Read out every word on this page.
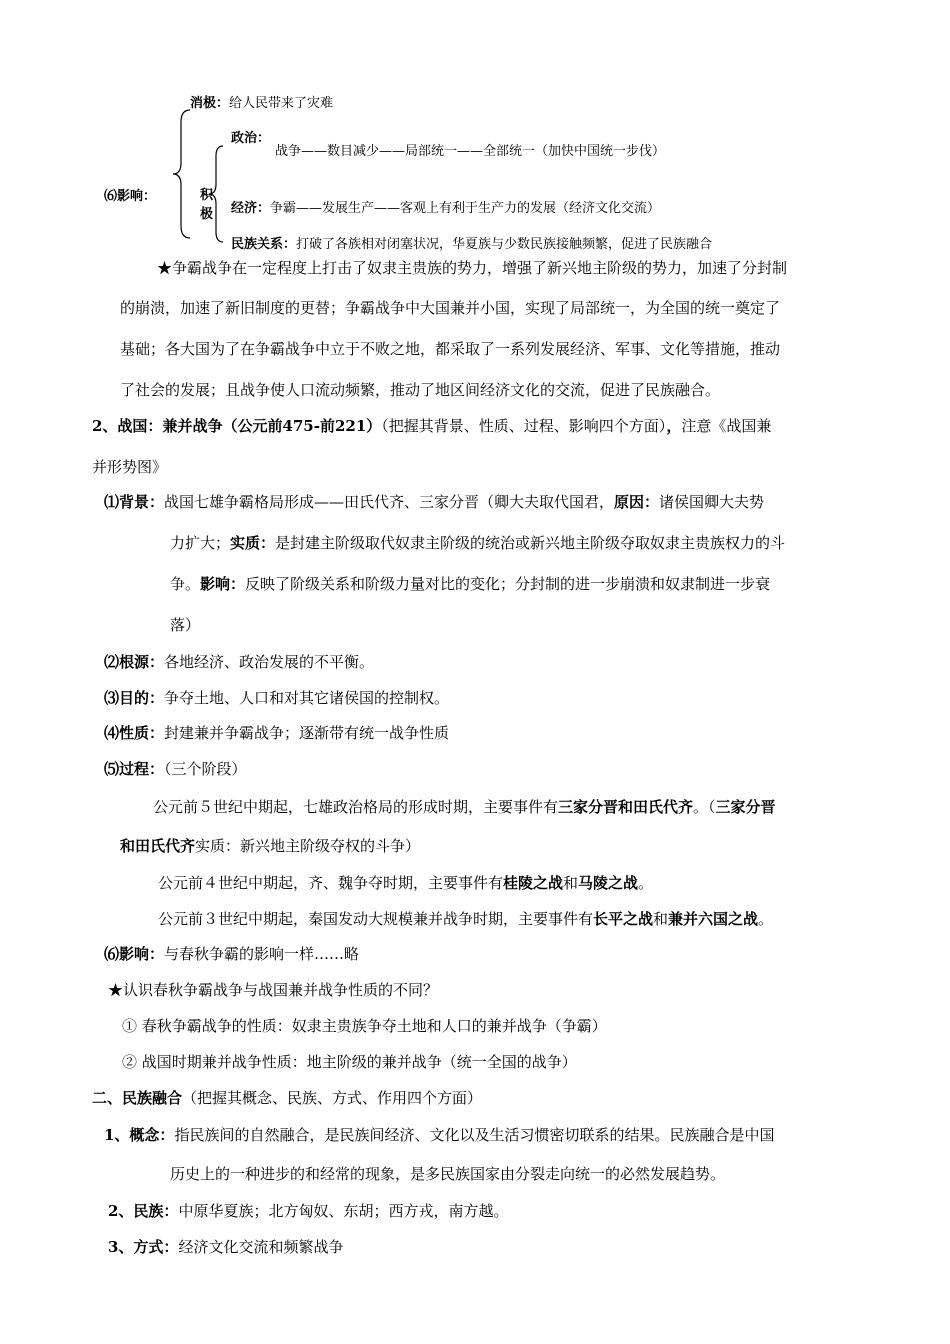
消极：给人民带来了灾难
⑹影响：	积极
政治：
战争——数目减少——局部统一——全部统一（加快中国统一步伐）
经济：争霸——发展生产——客观上有利于生产力的发展（经济文化交流）
民族关系：打破了各族相对闭塞状况，华夏族与少数民族接触频繁，促进了民族融合
★争霸战争在一定程度上打击了奴隶主贵族的势力，增强了新兴地主阶级的势力，加速了分封制
的崩溃，加速了新旧制度的更替；争霸战争中大国兼并小国，实现了局部统一，为全国的统一奠定了
基础；各大国为了在争霸战争中立于不败之地，都采取了一系列发展经济、军事、文化等措施，推动
了社会的发展；且战争使人口流动频繁，推动了地区间经济文化的交流，促进了民族融合。
2、战国：兼并战争（公元前475-前221）（把握其背景、性质、过程、影响四个方面），注意《战国兼
并形势图》
⑴背景：战国七雄争霸格局形成——田氏代齐、三家分晋（卿大夫取代国君，原因：诸侯国卿大夫势
力扩大；实质：是封建主阶级取代奴隶主阶级的统治或新兴地主阶级夺取奴隶主贵族权力的斗
争。影响：反映了阶级关系和阶级力量对比的变化；分封制的进一步崩溃和奴隶制进一步衰
落）
⑵根源：各地经济、政治发展的不平衡。
⑶目的：争夺土地、人口和对其它诸侯国的控制权。
⑷性质：封建兼并争霸战争；逐渐带有统一战争性质
⑸过程：（三个阶段）
公元前５世纪中期起，七雄政治格局的形成时期，主要事件有三家分晋和田氏代齐。（三家分晋
和田氏代齐实质：新兴地主阶级夺权的斗争）
公元前４世纪中期起，齐、魏争夺时期，主要事件有桂陵之战和马陵之战。
公元前３世纪中期起，秦国发动大规模兼并战争时期，主要事件有长平之战和兼并六国之战。
⑹影响：与春秋争霸的影响一样……略
★认识春秋争霸战争与战国兼并战争性质的不同？
① 春秋争霸战争的性质：奴隶主贵族争夺土地和人口的兼并战争（争霸）
② 战国时期兼并战争性质：地主阶级的兼并战争（统一全国的战争）
二、民族融合（把握其概念、民族、方式、作用四个方面）
1、概念：指民族间的自然融合，是民族间经济、文化以及生活习惯密切联系的结果。民族融合是中国
历史上的一种进步的和经常的现象，是多民族国家由分裂走向统一的必然发展趋势。
2、民族：中原华夏族；北方匈奴、东胡；西方戎，南方越。
3、方式：经济文化交流和频繁战争
